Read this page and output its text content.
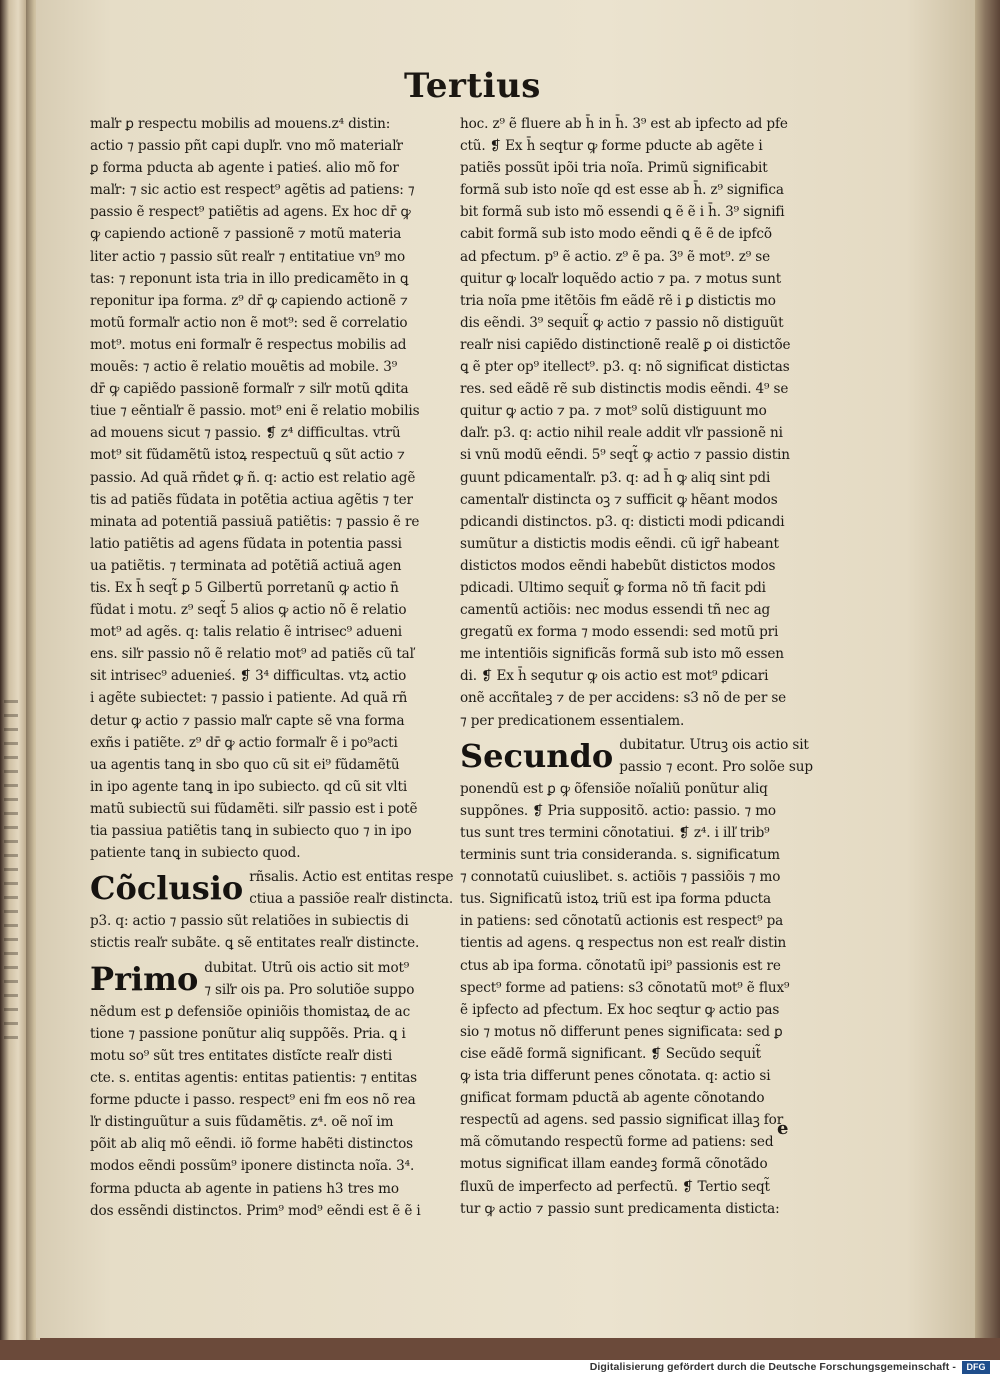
Tertius
maľr ꝑ respectu mobilis ad mouens.z⁴ distin:
actio ⁊ passio pñt capi dupľr. vno mõ materiaľr
ꝑ forma pducta ab agente i patieś. alio mõ for
maľr: ⁊ sic actio est respect⁹ agẽtis ad patiens: ⁊
passio ẽ respect⁹ patiẽtis ad agens. Ex hoc dr̄ ꝙ
ꝙ capiendo actionẽ ⁊ passionẽ ⁊ motũ materia
liter actio ⁊ passio sũt reaľr ⁊ entitatiue vn⁹ mo
tas: ⁊ reponunt ista tria in illo predicamẽto in ꝗ
reponitur ipa forma. z⁹ dr̄ ꝙ capiendo actionẽ ⁊
motũ formaľr actio non ẽ mot⁹: sed ẽ correlatio
mot⁹. motus eni formaľr ẽ respectus mobilis ad
mouẽs: ⁊ actio ẽ relatio mouẽtis ad mobile. 3⁹
dr̄ ꝙ capiẽdo passionẽ formaľr ⁊ siľr motũ ꝗdita
tiue ⁊ eẽntiaľr ẽ passio. mot⁹ eni ẽ relatio mobilis
ad mouens sicut ⁊ passio. ❡ z⁴ difficultas. vtrũ
mot⁹ sit fũdamẽtũ istoꝝ respectuũ ꝗ sũt actio ⁊
passio. Ad quã rñdet ꝙ ñ. q: actio est relatio agẽ
tis ad patiẽs fũdata in potẽtia actiua agẽtis ⁊ ter
minata ad potentiã passiuã patiẽtis: ⁊ passio ẽ re
latio patiẽtis ad agens fũdata in potentia passi
ua patiẽtis. ⁊ terminata ad potẽtiã actiuã agen
tis. Ex h̄ seqt̃ ꝑ 5 Gilbertũ porretanũ ꝙ actio n̄
fũdat i motu. z⁹ seqt̃ 5 alios ꝙ actio nõ ẽ relatio
mot⁹ ad agẽs. q: talis relatio ẽ intrisec⁹ adueni
ens. siľr passio nõ ẽ relatio mot⁹ ad patiẽs cũ taľ
sit intrisec⁹ aduenieś. ❡ 3⁴ difficultas. vtꝝ actio
i agẽte subiectet: ⁊ passio i patiente. Ad quã rñ
detur ꝙ actio ⁊ passio maľr capte sẽ vna forma
exñs i patiẽte. z⁹ dr̄ ꝙ actio formaľr ẽ i po⁹acti
ua agentis tanꝗ in sbo quo cũ sit ei⁹ fũdamẽtũ
in ipo agente tanꝗ in ipo subiecto. qd cũ sit vlti
matũ subiectũ sui fũdamẽti. siľr passio est i potẽ
tia passiua patiẽtis tanꝗ in subiecto quo ⁊ in ipo
patiente tanꝗ in subiecto quod.
Cõclusio rñsalis. Actio est entitas respe
ctiua a passiõe reaľr distincta.
p3. q: actio ⁊ passio sũt relatiões in subiectis di
stictis reaľr subãte. ꝗ sẽ entitates reaľr distincte.
Primo dubitat. Utrũ ois actio sit mot⁹
⁊ siľr ois pa. Pro solutiõe suppo
nẽdum est ꝑ defensiõe opiniõis thomistaꝝ de ac
tione ⁊ passione ponũtur aliq suppõẽs. Pria. ꝗ i
motu so⁹ sũt tres entitates distĩcte reaľr disti
cte. s. entitas agentis: entitas patientis: ⁊ entitas
forme pducte i passo. respect⁹ eni fm eos nõ rea
ľr distinguũtur a suis fũdamẽtis. z⁴. oẽ noĩ im
põit ab aliq mõ eẽndi. iõ forme habẽti distinctos
modos eẽndi possũm⁹ iponere distincta noĩa. 3⁴.
forma pducta ab agente in patiens h3 tres mo
dos essẽndi distinctos. Prim⁹ mod⁹ eẽndi est ẽ ẽ i
hoc. z⁹ ẽ fluere ab h̄ in h̄. 3⁹ est ab ipfecto ad pfe
ctũ. ❡ Ex h̄ seqtur ꝙ forme pducte ab agẽte i
patiẽs possũt ipõi tria noĩa. Primũ significabit
formã sub isto noĩe qd est esse ab h̄. z⁹ significa
bit formã sub isto mõ essendi ꝗ ẽ ẽ i h̄. 3⁹ signifi
cabit formã sub isto modo eẽndi ꝗ ẽ ẽ de ipfcõ
ad pfectum. p⁹ ẽ actio. z⁹ ẽ pa. 3⁹ ẽ mot⁹. z⁹ se
quitur ꝙ locaľr loquẽdo actio ⁊ pa. ⁊ motus sunt
tria noĩa pme itẽtõis fm eãdẽ rẽ i ꝑ distictis mo
dis eẽndi. 3⁹ sequit̃ ꝙ actio ⁊ passio nõ distiguũt
reaľr nisi capiẽdo distinctionẽ realẽ ꝑ oi distictõe
ꝗ ẽ pter op⁹ itellect⁹. p3. q: nõ significat distictas
res. sed eãdẽ rẽ sub distinctis modis eẽndi. 4⁹ se
quitur ꝙ actio ⁊ pa. ⁊ mot⁹ solũ distiguunt mo
daľr. p3. q: actio nihil reale addit vľr passionẽ ni
si vnũ modũ eẽndi. 5⁹ seqt̃ ꝙ actio ⁊ passio distin
guunt pdicamentaľr. p3. q: ad h̄ ꝙ aliq sint pdi
camentaľr distincta oꝫ ⁊ sufficit ꝙ hẽant modos
pdicandi distinctos. p3. q: disticti modi pdicandi
sumũtur a distictis modis eẽndi. cũ igr̃ habeant
distictos modos eẽndi habebũt distictos modos
pdicadi. Ultimo sequit̃ ꝙ forma nõ tñ facit pdi
camentũ actiõis: nec modus essendi tñ nec ag
gregatũ ex forma ⁊ modo essendi: sed motũ pri
me intentiõis significãs formã sub isto mõ essen
di. ❡ Ex h̄ sequtur ꝙ ois actio est mot⁹ ꝑdicari
onẽ accñtaleꝫ ⁊ de per accidens: s3 nõ de per se
⁊ per predicationem essentialem.
Secundo dubitatur. Utruꝫ ois actio sit
passio ⁊ econt. Pro solõe sup
ponendũ est ꝑ ꝙ õfensiõe noĩaliũ ponũtur aliq
suppõnes. ❡ Pria suppositõ. actio: passio. ⁊ mo
tus sunt tres termini cõnotatiui. ❡ z⁴. i ilľ trib⁹
terminis sunt tria consideranda. s. significatum
⁊ connotatũ cuiuslibet. s. actiõis ⁊ passiõis ⁊ mo
tus. Significatũ istoꝝ triũ est ipa forma pducta
in patiens: sed cõnotatũ actionis est respect⁹ pa
tientis ad agens. ꝗ respectus non est reaľr distin
ctus ab ipa forma. cõnotatũ ipi⁹ passionis est re
spect⁹ forme ad patiens: s3 cõnotatũ mot⁹ ẽ flux⁹
ẽ ipfecto ad pfectum. Ex hoc seqtur ꝙ actio pas
sio ⁊ motus nõ differunt penes significata: sed ꝑ
cise eãdẽ formã significant. ❡ Secũdo sequit̃
ꝙ ista tria differunt penes cõnotata. q: actio si
gnificat formam pductã ab agente cõnotando
respectũ ad agens. sed passio significat illaꝫ for
mã cõmutando respectũ forme ad patiens: sed
motus significat illam eandeꝫ formã cõnotãdo
fluxũ de imperfecto ad perfectũ. ❡ Tertio seqt̃
tur ꝙ actio ⁊ passio sunt predicamenta disticta:
e
Digitalisierung gefördert durch die Deutsche Forschungsgemeinschaft -	DFG
